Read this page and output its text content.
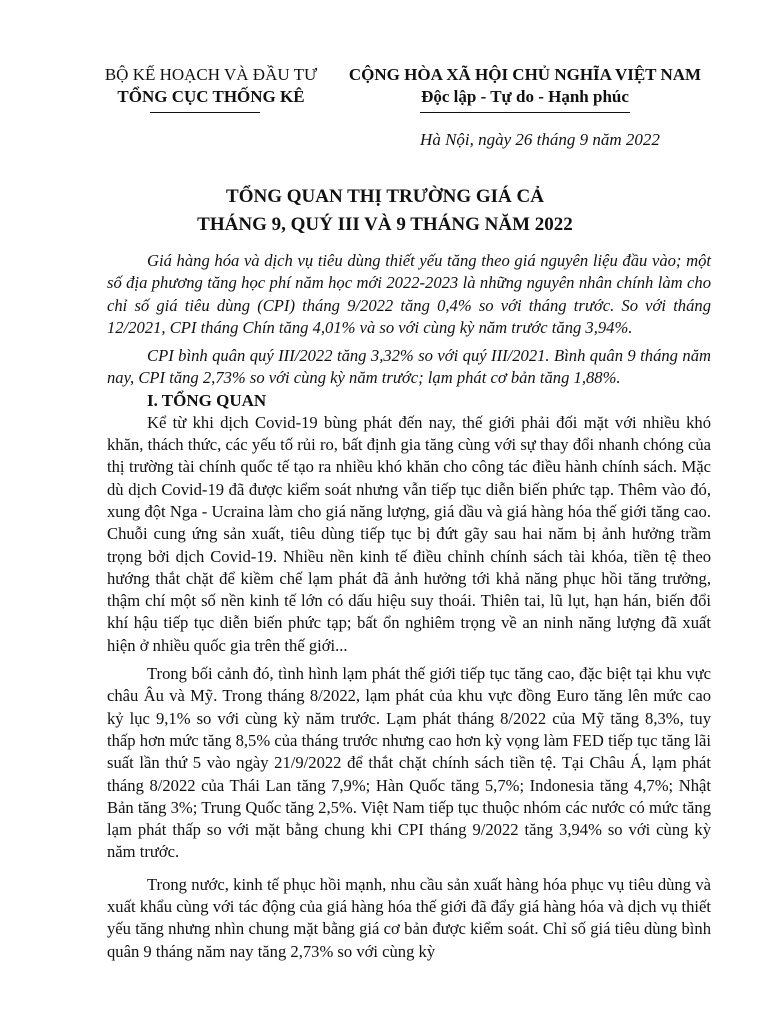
BỘ KẾ HOẠCH VÀ ĐẦU TƯ
TỔNG CỤC THỐNG KÊ
CỘNG HÒA XÃ HỘI CHỦ NGHĨA VIỆT NAM
Độc lập - Tự do - Hạnh phúc
Hà Nội, ngày 26 tháng 9 năm 2022
TỔNG QUAN THỊ TRƯỜNG GIÁ CẢ
THÁNG 9, QUÝ III VÀ 9 THÁNG NĂM 2022

Giá hàng hóa và dịch vụ tiêu dùng thiết yếu tăng theo giá nguyên liệu đầu vào; một số địa phương tăng học phí năm học mới 2022-2023 là những nguyên nhân chính làm cho chỉ số giá tiêu dùng (CPI) tháng 9/2022 tăng 0,4% so với tháng trước. So với tháng 12/2021, CPI tháng Chín tăng 4,01% và so với cùng kỳ năm trước tăng 3,94%.

CPI bình quân quý III/2022 tăng 3,32% so với quý III/2021. Bình quân 9 tháng năm nay, CPI tăng 2,73% so với cùng kỳ năm trước; lạm phát cơ bản tăng 1,88%.

I. TỔNG QUAN

Kể từ khi dịch Covid-19 bùng phát đến nay, thế giới phải đối mặt với nhiều khó khăn, thách thức, các yếu tố rủi ro, bất định gia tăng cùng với sự thay đổi nhanh chóng của thị trường tài chính quốc tế tạo ra nhiều khó khăn cho công tác điều hành chính sách. Mặc dù dịch Covid-19 đã được kiểm soát nhưng vẫn tiếp tục diễn biến phức tạp. Thêm vào đó, xung đột Nga - Ucraina làm cho giá năng lượng, giá dầu và giá hàng hóa thế giới tăng cao. Chuỗi cung ứng sản xuất, tiêu dùng tiếp tục bị đứt gãy sau hai năm bị ảnh hưởng trầm trọng bởi dịch Covid-19. Nhiều nền kinh tế điều chỉnh chính sách tài khóa, tiền tệ theo hướng thắt chặt để kiềm chế lạm phát đã ảnh hưởng tới khả năng phục hồi tăng trưởng, thậm chí một số nền kinh tế lớn có dấu hiệu suy thoái. Thiên tai, lũ lụt, hạn hán, biến đổi khí hậu tiếp tục diễn biến phức tạp; bất ổn nghiêm trọng về an ninh năng lượng đã xuất hiện ở nhiều quốc gia trên thế giới...

Trong bối cảnh đó, tình hình lạm phát thế giới tiếp tục tăng cao, đặc biệt tại khu vực châu Âu và Mỹ. Trong tháng 8/2022, lạm phát của khu vực đồng Euro tăng lên mức cao kỷ lục 9,1% so với cùng kỳ năm trước. Lạm phát tháng 8/2022 của Mỹ tăng 8,3%, tuy thấp hơn mức tăng 8,5% của tháng trước nhưng cao hơn kỳ vọng làm FED tiếp tục tăng lãi suất lần thứ 5 vào ngày 21/9/2022 để thắt chặt chính sách tiền tệ. Tại Châu Á, lạm phát tháng 8/2022 của Thái Lan tăng 7,9%; Hàn Quốc tăng 5,7%; Indonesia tăng 4,7%; Nhật Bản tăng 3%; Trung Quốc tăng 2,5%. Việt Nam tiếp tục thuộc nhóm các nước có mức tăng lạm phát thấp so với mặt bằng chung khi CPI tháng 9/2022 tăng 3,94% so với cùng kỳ năm trước.

Trong nước, kinh tế phục hồi mạnh, nhu cầu sản xuất hàng hóa phục vụ tiêu dùng và xuất khẩu cùng với tác động của giá hàng hóa thế giới đã đẩy giá hàng hóa và dịch vụ thiết yếu tăng nhưng nhìn chung mặt bằng giá cơ bản được kiểm soát. Chỉ số giá tiêu dùng bình quân 9 tháng năm nay tăng 2,73% so với cùng kỳ
